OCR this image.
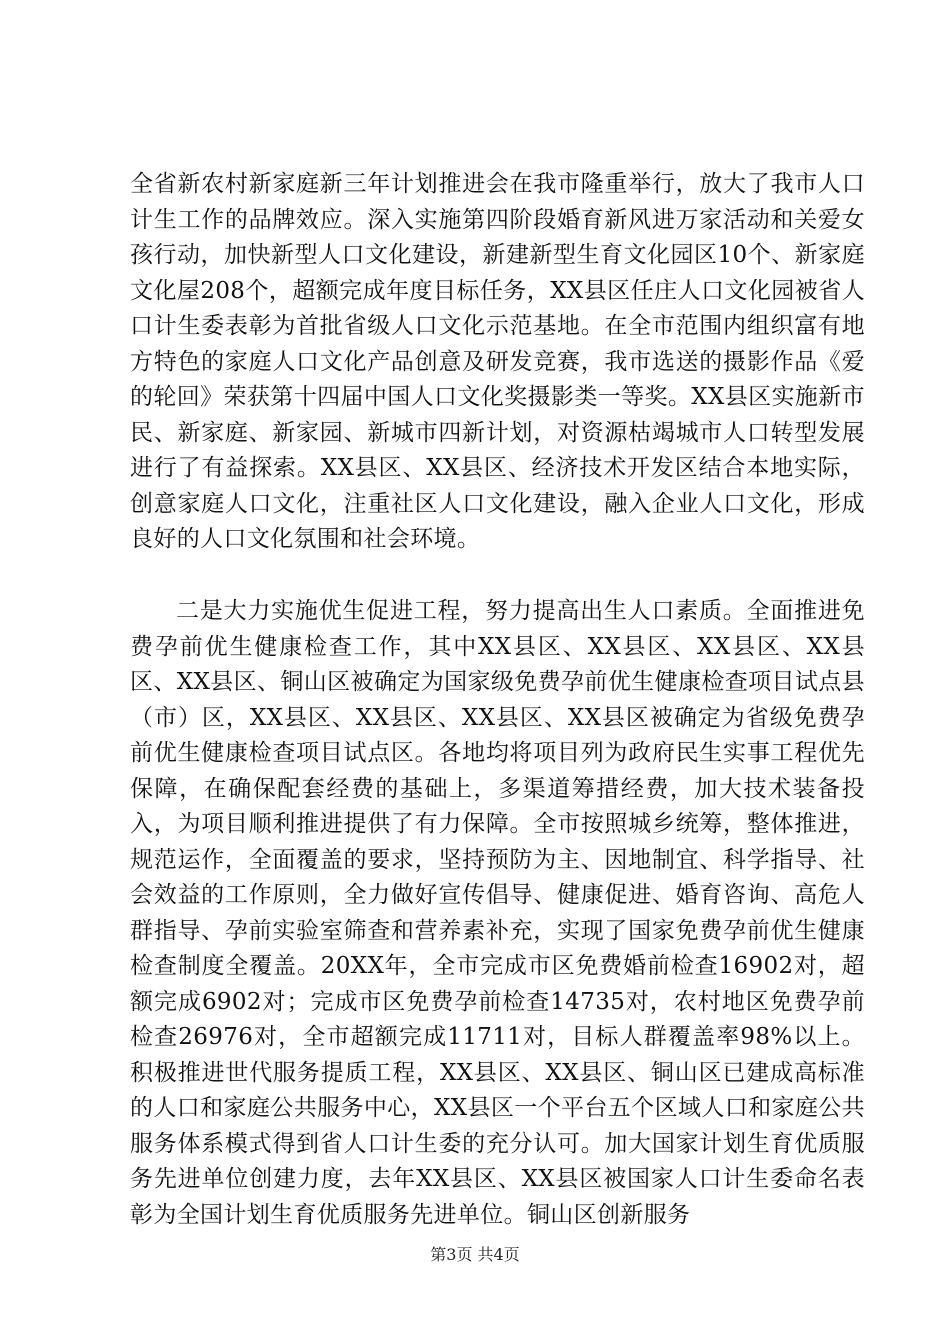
全省新农村新家庭新三年计划推进会在我市隆重举行，放大了我市人口计生工作的品牌效应。深入实施第四阶段婚育新风进万家活动和关爱女孩行动，加快新型人口文化建设，新建新型生育文化园区10个、新家庭文化屋208个，超额完成年度目标任务，XX县区任庄人口文化园被省人口计生委表彰为首批省级人口文化示范基地。在全市范围内组织富有地方特色的家庭人口文化产品创意及研发竞赛，我市选送的摄影作品《爱的轮回》荣获第十四届中国人口文化奖摄影类一等奖。XX县区实施新市民、新家庭、新家园、新城市四新计划，对资源枯竭城市人口转型发展进行了有益探索。XX县区、XX县区、经济技术开发区结合本地实际，创意家庭人口文化，注重社区人口文化建设，融入企业人口文化，形成良好的人口文化氛围和社会环境。

二是大力实施优生促进工程，努力提高出生人口素质。全面推进免费孕前优生健康检查工作，其中XX县区、XX县区、XX县区、XX县区、XX县区、铜山区被确定为国家级免费孕前优生健康检查项目试点县（市）区，XX县区、XX县区、XX县区、XX县区被确定为省级免费孕前优生健康检查项目试点区。各地均将项目列为政府民生实事工程优先保障，在确保配套经费的基础上，多渠道筹措经费，加大技术装备投入，为项目顺利推进提供了有力保障。全市按照城乡统筹，整体推进，规范运作，全面覆盖的要求，坚持预防为主、因地制宜、科学指导、社会效益的工作原则，全力做好宣传倡导、健康促进、婚育咨询、高危人群指导、孕前实验室筛查和营养素补充，实现了国家免费孕前优生健康检查制度全覆盖。20XX年，全市完成市区免费婚前检查16902对，超额完成6902对；完成市区免费孕前检查14735对，农村地区免费孕前检查26976对，全市超额完成11711对，目标人群覆盖率98%以上。积极推进世代服务提质工程，XX县区、XX县区、铜山区已建成高标准的人口和家庭公共服务中心，XX县区一个平台五个区域人口和家庭公共服务体系模式得到省人口计生委的充分认可。加大国家计划生育优质服务先进单位创建力度，去年XX县区、XX县区被国家人口计生委命名表彰为全国计划生育优质服务先进单位。铜山区创新服务

第3页 共4页
